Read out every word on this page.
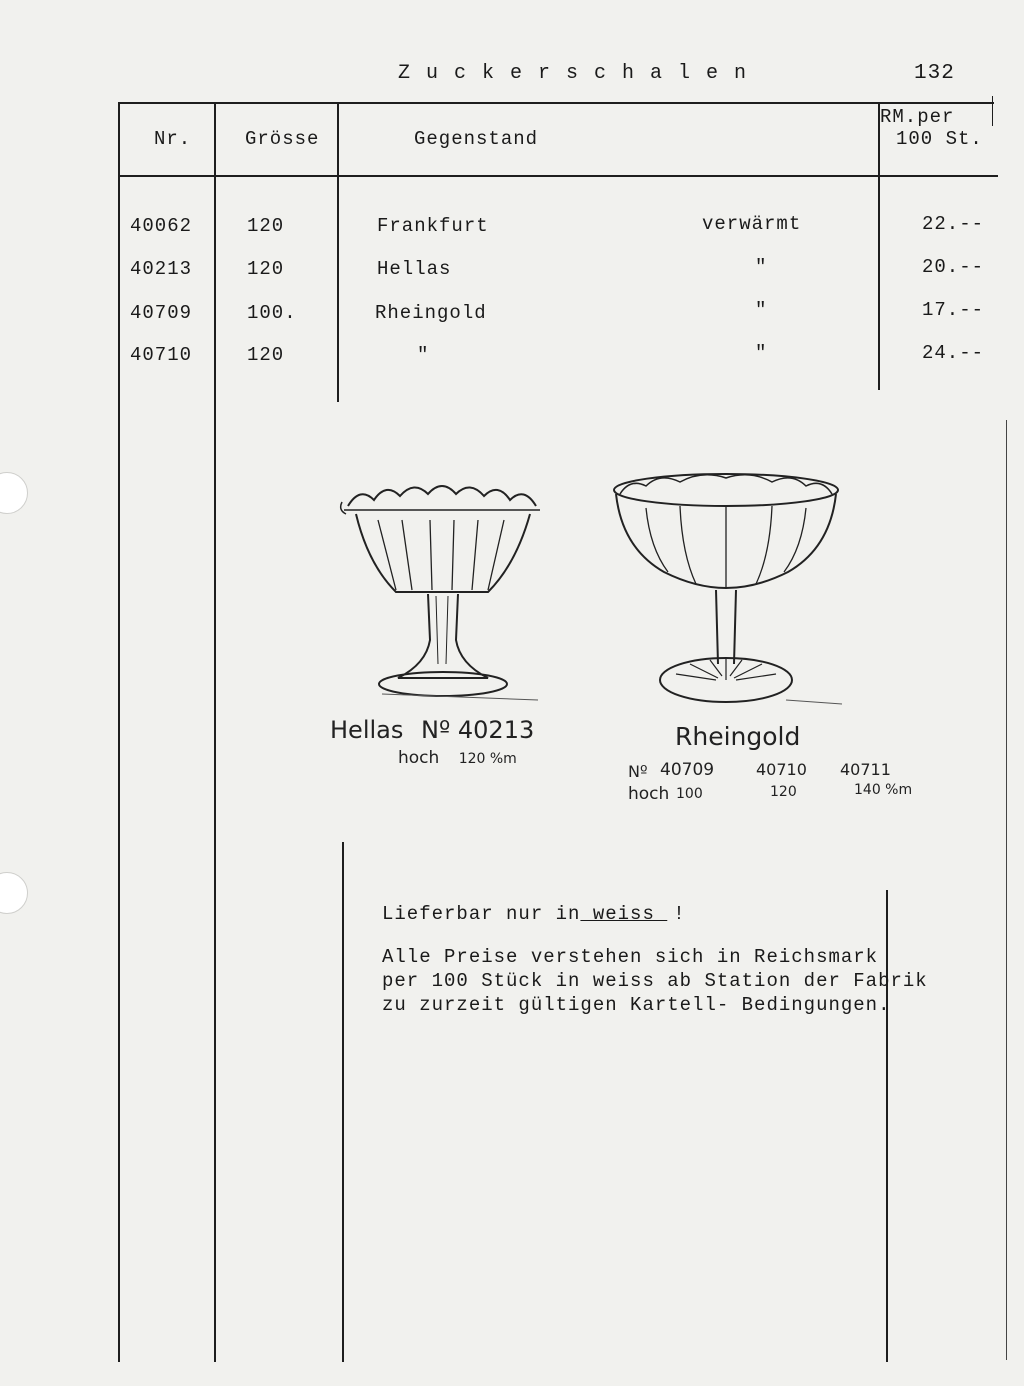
Z u c k e r s c h a l e n	132
Nr.	Grösse	Gegenstand
RM.per
100 St.
40062	120	Frankfurt	verwärmt	22.--
40213	120	Hellas	"	20.--
40709	100.	Rheingold	"	17.--
40710	120	"	"	24.--
Hellas Nº 40213
hoch 120 %m
Rheingold
Nº 40709	40710 40711
hoch 100	120	140 %m
Lieferbar nur in weiss !
Alle Preise verstehen sich in Reichsmark
per 100 Stück in weiss ab Station der Fabrik
zu zurzeit gültigen Kartell- Bedingungen.
